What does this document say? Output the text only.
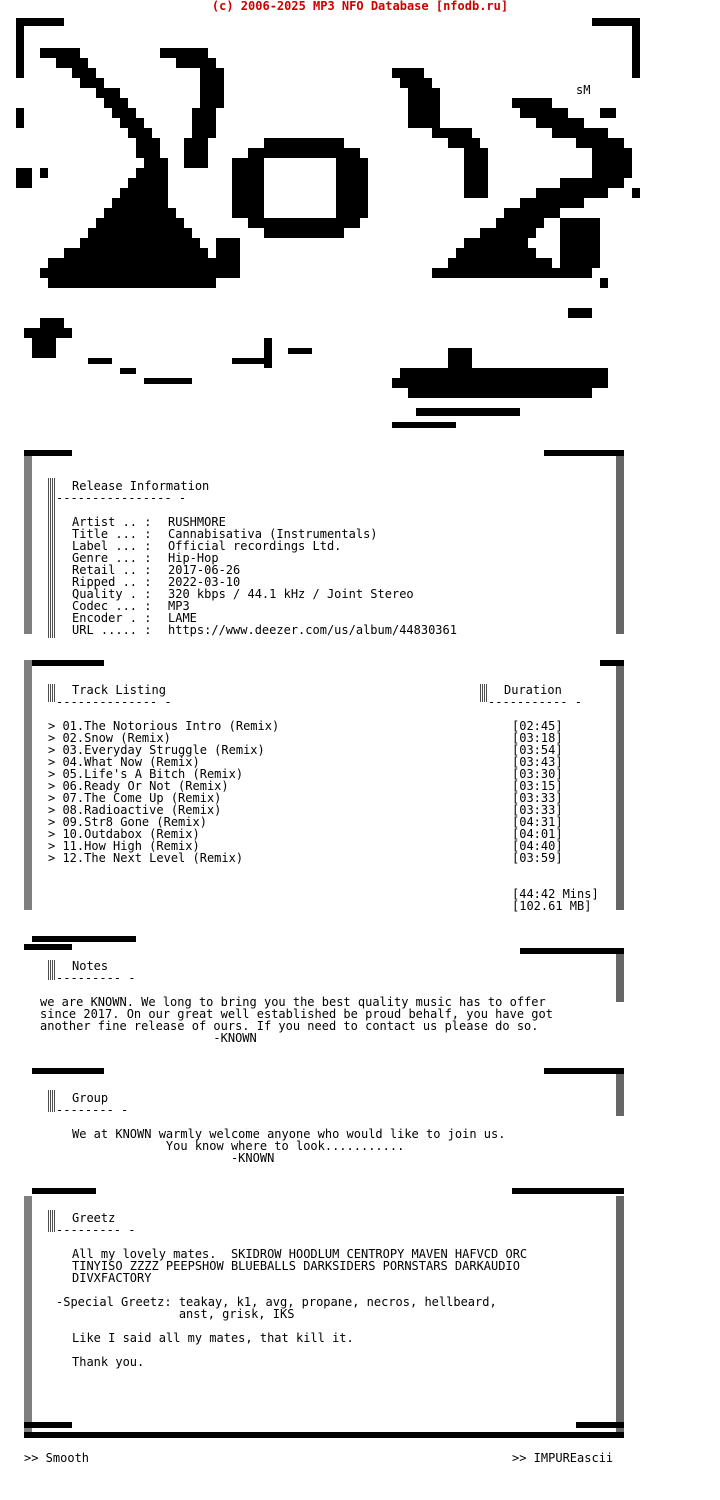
(c) 2006-2025 MP3 NFO Database [nfodb.ru]
sM
Release Information
---------------- -
Artist .. : RUSHMORE
Title ... : Cannabisativa (Instrumentals)
Label ... : Official recordings Ltd.
Genre ... : Hip-Hop
Retail .. : 2017-06-26
Ripped .. : 2022-03-10
Quality . : 320 kbps / 44.1 kHz / Joint Stereo
Codec ... : MP3
Encoder . : LAME
URL ..... : https://www.deezer.com/us/album/44830361
Track Listing
-------------- -
Duration
----------- -
> 01.The Notorious Intro (Remix)	[02:45]
> 02.Snow (Remix)	[03:18]
> 03.Everyday Struggle (Remix)	[03:54]
> 04.What Now (Remix)	[03:43]
> 05.Life's A Bitch (Remix)	[03:30]
> 06.Ready Or Not (Remix)	[03:15]
> 07.The Come Up (Remix)	[03:33]
> 08.Radioactive (Remix)	[03:33]
> 09.Str8 Gone (Remix)	[04:31]
> 10.Outdabox (Remix)	[04:01]
> 11.How High (Remix)	[04:40]
> 12.The Next Level (Remix)	[03:59]
[44:42 Mins]
[102.61 MB]
Notes
--------- -
we are KNOWN. We long to bring you the best quality music has to offer
since 2017. On our great well established be proud behalf, you have got
another fine release of ours. If you need to contact us please do so.
-KNOWN
Group
-------- -
We at KNOWN warmly welcome anyone who would like to join us.
You know where to look...........
-KNOWN
Greetz
--------- -
All my lovely mates.  SKIDROW HOODLUM CENTROPY MAVEN HAFVCD ORC
TINYISO ZZZZ PEEPSHOW BLUEBALLS DARKSIDERS PORNSTARS DARKAUDIO
DIVXFACTORY
-Special Greetz: teakay, k1, avg, propane, necros, hellbeard,
anst, grisk, IKS
Like I said all my mates, that kill it.
Thank you.
>> Smooth	>> IMPUREascii
